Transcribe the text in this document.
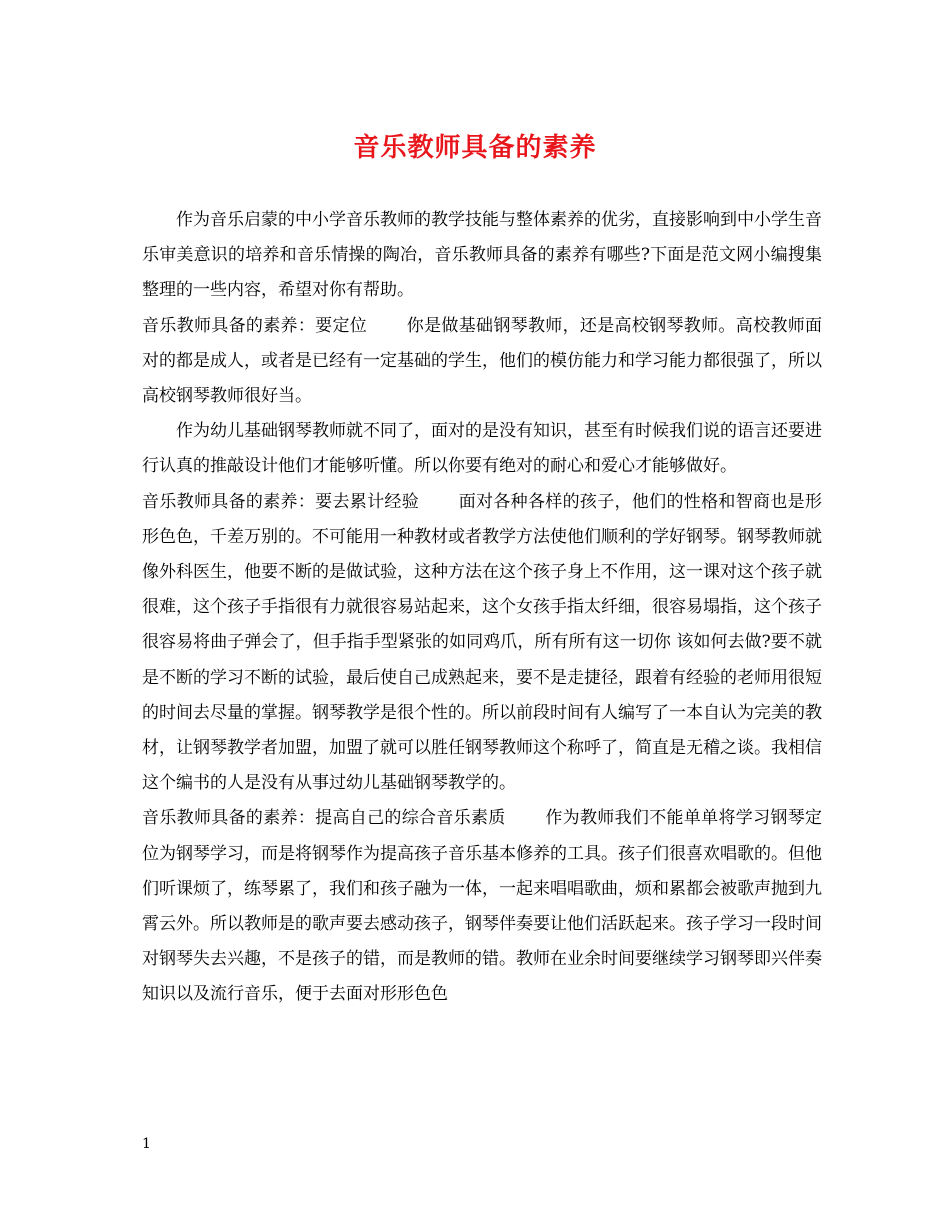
音乐教师具备的素养

作为音乐启蒙的中小学音乐教师的教学技能与整体素养的优劣，直接影响到中小学生音乐审美意识的培养和音乐情操的陶冶，音乐教师具备的素养有哪些?下面是范文网小编搜集整理的一些内容，希望对你有帮助。

音乐教师具备的素养：要定位 你是做基础钢琴教师，还是高校钢琴教师。高校教师面对的都是成人，或者是已经有一定基础的学生，他们的模仿能力和学习能力都很强了，所以高校钢琴教师很好当。

作为幼儿基础钢琴教师就不同了，面对的是没有知识，甚至有时候我们说的语言还要进行认真的推敲设计他们才能够听懂。所以你要有绝对的耐心和爱心才能够做好。

音乐教师具备的素养：要去累计经验 面对各种各样的孩子，他们的性格和智商也是形形色色，千差万别的。不可能用一种教材或者教学方法使他们顺利的学好钢琴。钢琴教师就像外科医生，他要不断的是做试验，这种方法在这个孩子身上不作用，这一课对这个孩子就很难，这个孩子手指很有力就很容易站起来，这个女孩手指太纤细，很容易塌指，这个孩子很容易将曲子弹会了，但手指手型紧张的如同鸡爪，所有所有这一切你 该如何去做?要不就是不断的学习不断的试验，最后使自己成熟起来，要不是走捷径，跟着有经验的老师用很短的时间去尽量的掌握。钢琴教学是很个性的。所以前段时间有人编写了一本自认为完美的教材，让钢琴教学者加盟，加盟了就可以胜任钢琴教师这个称呼了，简直是无稽之谈。我相信这个编书的人是没有从事过幼儿基础钢琴教学的。

音乐教师具备的素养：提高自己的综合音乐素质 作为教师我们不能单单将学习钢琴定位为钢琴学习，而是将钢琴作为提高孩子音乐基本修养的工具。孩子们很喜欢唱歌的。但他们听课烦了，练琴累了，我们和孩子融为一体，一起来唱唱歌曲，烦和累都会被歌声抛到九霄云外。所以教师是的歌声要去感动孩子，钢琴伴奏要让他们活跃起来。孩子学习一段时间对钢琴失去兴趣，不是孩子的错，而是教师的错。教师在业余时间要继续学习钢琴即兴伴奏知识以及流行音乐，便于去面对形形色色

1
